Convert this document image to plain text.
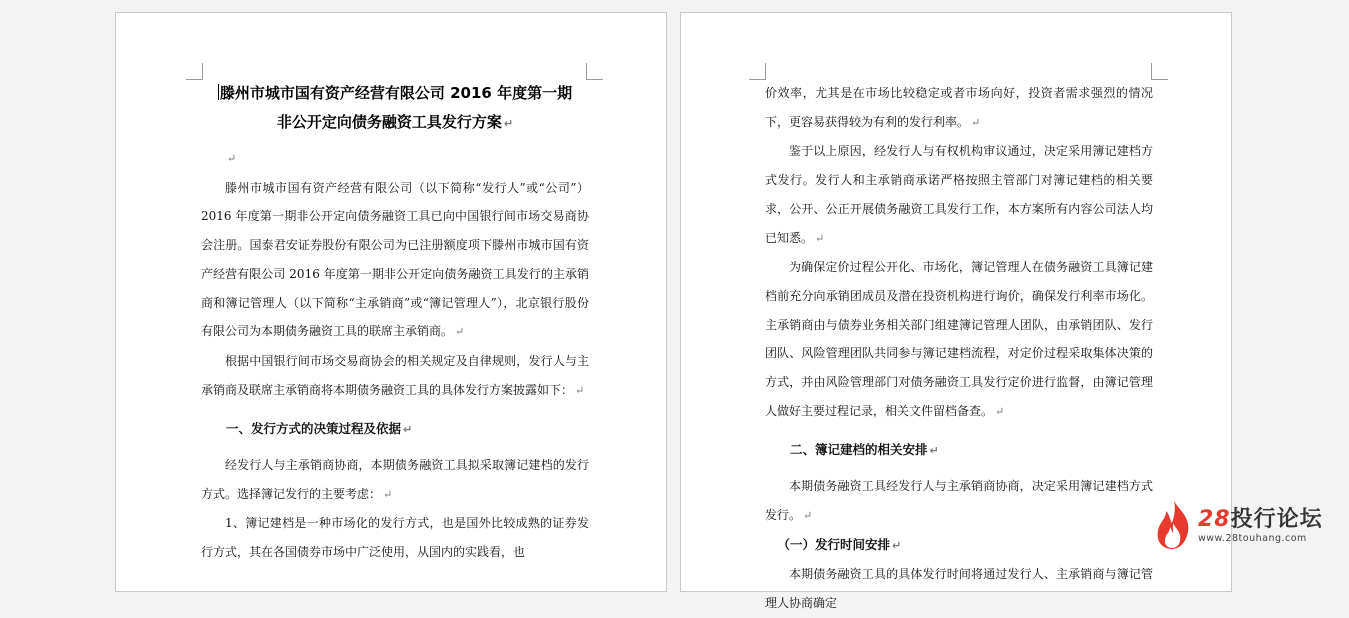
滕州市城市国有资产经营有限公司 2016 年度第一期
非公开定向债务融资工具发行方案 ↵

↵

滕州市城市国有资产经营有限公司（以下简称“发行人”或“公司”）2016 年度第一期非公开定向债务融资工具已向中国银行间市场交易商协会注册。国泰君安证券股份有限公司为已注册额度项下滕州市城市国有资产经营有限公司 2016 年度第一期非公开定向债务融资工具发行的主承销商和簿记管理人（以下简称“主承销商”或“簿记管理人”），北京银行股份有限公司为本期债务融资工具的联席主承销商。 ↵

根据中国银行间市场交易商协会的相关规定及自律规则，发行人与主承销商及联席主承销商将本期债务融资工具的具体发行方案披露如下： ↵

一、发行方式的决策过程及依据 ↵

经发行人与主承销商协商，本期债务融资工具拟采取簿记建档的发行方式。选择簿记发行的主要考虑： ↵

1、簿记建档是一种市场化的发行方式，也是国外比较成熟的证券发行方式，其在各国债券市场中广泛使用，从国内的实践看，也

价效率，尤其是在市场比较稳定或者市场向好，投资者需求强烈的情况下，更容易获得较为有利的发行利率。 ↵

鉴于以上原因，经发行人与有权机构审议通过，决定采用簿记建档方式发行。发行人和主承销商承诺严格按照主管部门对簿记建档的相关要求，公开、公正开展债务融资工具发行工作，本方案所有内容公司法人均已知悉。 ↵

为确保定价过程公开化、市场化，簿记管理人在债务融资工具簿记建档前充分向承销团成员及潜在投资机构进行询价，确保发行利率市场化。主承销商由与债券业务相关部门组建簿记管理人团队，由承销团队、发行团队、风险管理团队共同参与簿记建档流程，对定价过程采取集体决策的方式，并由风险管理部门对债务融资工具发行定价进行监督，由簿记管理人做好主要过程记录，相关文件留档备查。 ↵

二、簿记建档的相关安排 ↵

本期债务融资工具经发行人与主承销商协商，决定采用簿记建档方式发行。 ↵

（一）发行时间安排 ↵

本期债务融资工具的具体发行时间将通过发行人、主承销商与簿记管理人协商确定

28投行论坛
www.28touhang.com
